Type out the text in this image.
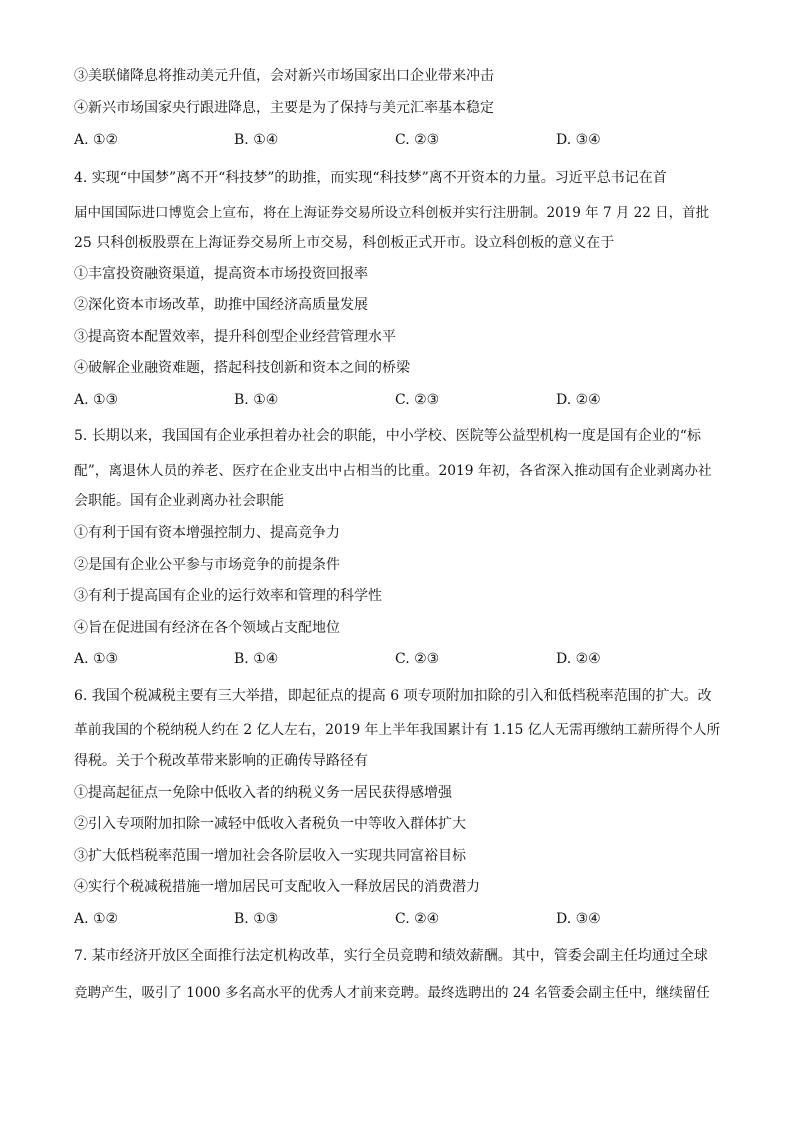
③美联储降息将推动美元升值，会对新兴市场国家出口企业带来冲击
④新兴市场国家央行跟进降息，主要是为了保持与美元汇率基本稳定
A. ①②	B. ①④	C. ②③	D. ③④
4. 实现“中国梦”离不开“科技梦”的助推，而实现“科技梦”离不开资本的力量。习近平总书记在首
届中国国际进口博览会上宣布，将在上海证券交易所设立科创板并实行注册制。2019 年 7 月 22 日，首批
25 只科创板股票在上海证券交易所上市交易，科创板正式开市。设立科创板的意义在于
①丰富投资融资渠道，提高资本市场投资回报率
②深化资本市场改革，助推中国经济高质量发展
③提高资本配置效率，提升科创型企业经营管理水平
④破解企业融资难题，搭起科技创新和资本之间的桥梁
A. ①③	B. ①④	C. ②③	D. ②④
5. 长期以来，我国国有企业承担着办社会的职能，中小学校、医院等公益型机构一度是国有企业的“标
配”，离退休人员的养老、医疗在企业支出中占相当的比重。2019 年初，各省深入推动国有企业剥离办社
会职能。国有企业剥离办社会职能
①有利于国有资本增强控制力、提高竞争力
②是国有企业公平参与市场竞争的前提条件
③有利于提高国有企业的运行效率和管理的科学性
④旨在促进国有经济在各个领域占支配地位
A. ①③	B. ①④	C. ②③	D. ②④
6. 我国个税减税主要有三大举措，即起征点的提高 6 项专项附加扣除的引入和低档税率范围的扩大。改
革前我国的个税纳税人约在 2 亿人左右，2019 年上半年我国累计有 1.15 亿人无需再缴纳工薪所得个人所
得税。关于个税改革带来影响的正确传导路径有
①提高起征点一免除中低收入者的纳税义务一居民获得感增强
②引入专项附加扣除一减轻中低收入者税负一中等收入群体扩大
③扩大低档税率范围一增加社会各阶层收入一实现共同富裕目标
④实行个税减税措施一增加居民可支配收入一释放居民的消费潜力
A. ①②	B. ①③	C. ②④	D. ③④
7. 某市经济开放区全面推行法定机构改革，实行全员竞聘和绩效薪酬。其中，管委会副主任均通过全球
竞聘产生，吸引了 1000 多名高水平的优秀人才前来竞聘。最终选聘出的 24 名管委会副主任中，继续留任
